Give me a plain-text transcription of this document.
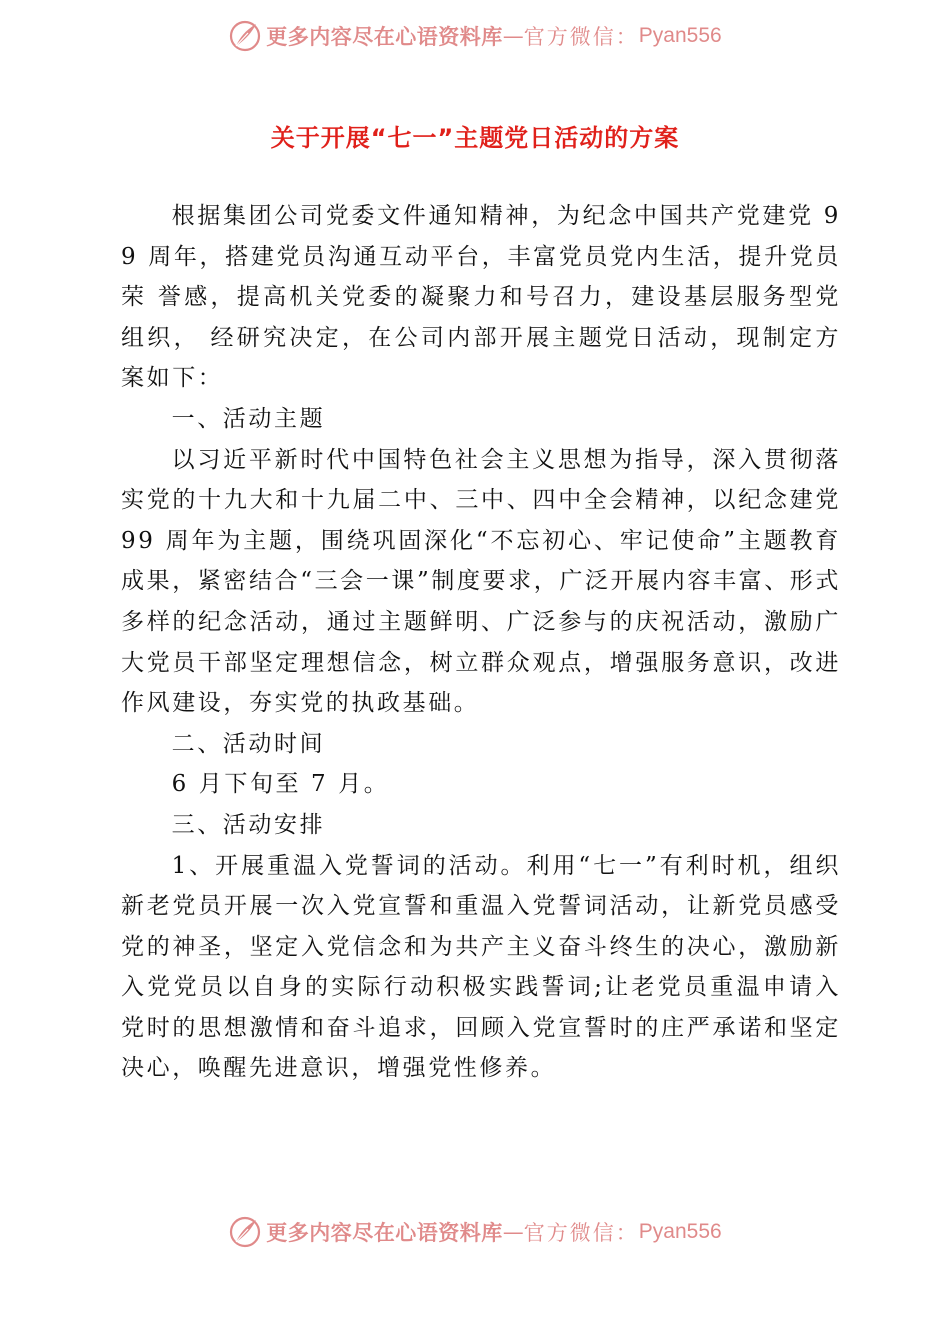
更多内容尽在心语资料库 — 官方微信： Pyan556
关于开展“七一”主题党日活动的方案

根据集团公司党委文件通知精神，为纪念中国共产党建党 99 周年，搭建党员沟通互动平台，丰富党员党内生活，提升党员荣 誉感，提高机关党委的凝聚力和号召力，建设基层服务型党组织， 经研究决定，在公司内部开展主题党日活动，现制定方案如下：

一、活动主题

以习近平新时代中国特色社会主义思想为指导，深入贯彻落实党的十九大和十九届二中、三中、四中全会精神，以纪念建党 99 周年为主题，围绕巩固深化“不忘初心、牢记使命”主题教育成果，紧密结合“三会一课”制度要求，广泛开展内容丰富、形式多样的纪念活动，通过主题鲜明、广泛参与的庆祝活动，激励广大党员干部坚定理想信念，树立群众观点，增强服务意识，改进作风建设，夯实党的执政基础。

二、活动时间

6 月下旬至 7 月。

三、活动安排

1、开展重温入党誓词的活动。利用“七一”有利时机，组织新老党员开展一次入党宣誓和重温入党誓词活动，让新党员感受党的神圣，坚定入党信念和为共产主义奋斗终生的决心，激励新入党党员以自身的实际行动积极实践誓词;让老党员重温申请入党时的思想激情和奋斗追求，回顾入党宣誓时的庄严承诺和坚定决心，唤醒先进意识，增强党性修养。

更多内容尽在心语资料库 — 官方微信： Pyan556
